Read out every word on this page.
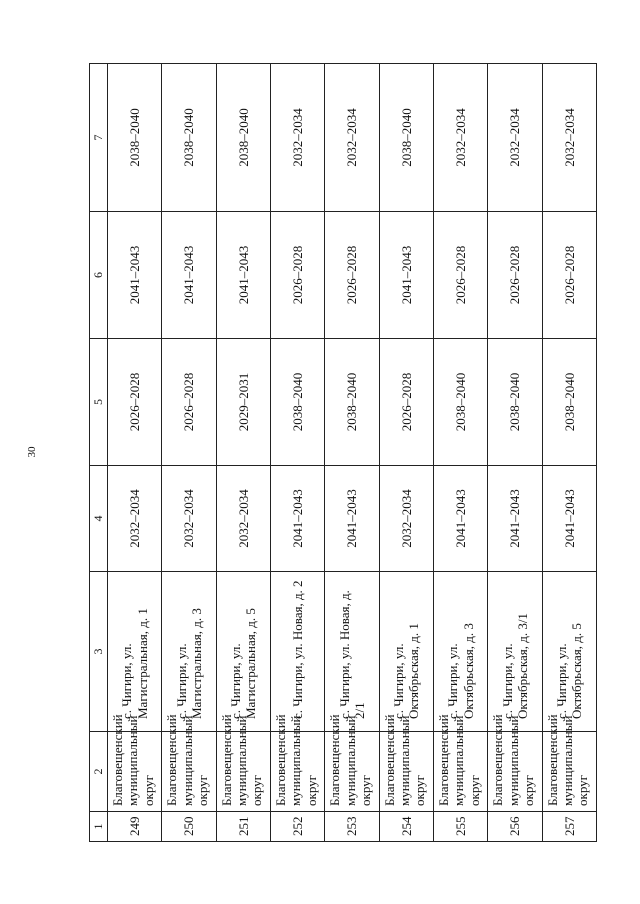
30
1	2	3	4	5	6	7
249	Благовещенский муниципальный округ	с. Чигири, ул. Магистральная, д. 1	2032–2034	2026–2028	2041–2043	2038–2040
250	Благовещенский муниципальный округ	с. Чигири, ул. Магистральная, д. 3	2032–2034	2026–2028	2041–2043	2038–2040
251	Благовещенский муниципальный округ	с. Чигири, ул. Магистральная, д. 5	2032–2034	2029–2031	2041–2043	2038–2040
252	Благовещенский муниципальный округ	с. Чигири, ул. Новая, д. 2	2041–2043	2038–2040	2026–2028	2032–2034
253	Благовещенский муниципальный округ	с. Чигири, ул. Новая, д. 2/1	2041–2043	2038–2040	2026–2028	2032–2034
254	Благовещенский муниципальный округ	с. Чигири, ул. Октябрьская, д. 1	2032–2034	2026–2028	2041–2043	2038–2040
255	Благовещенский муниципальный округ	с. Чигири, ул. Октябрьская, д. 3	2041–2043	2038–2040	2026–2028	2032–2034
256	Благовещенский муниципальный округ	с. Чигири, ул. Октябрьская, д. 3/1	2041–2043	2038–2040	2026–2028	2032–2034
257	Благовещенский муниципальный округ	с. Чигири, ул. Октябрьская, д. 5	2041–2043	2038–2040	2026–2028	2032–2034
